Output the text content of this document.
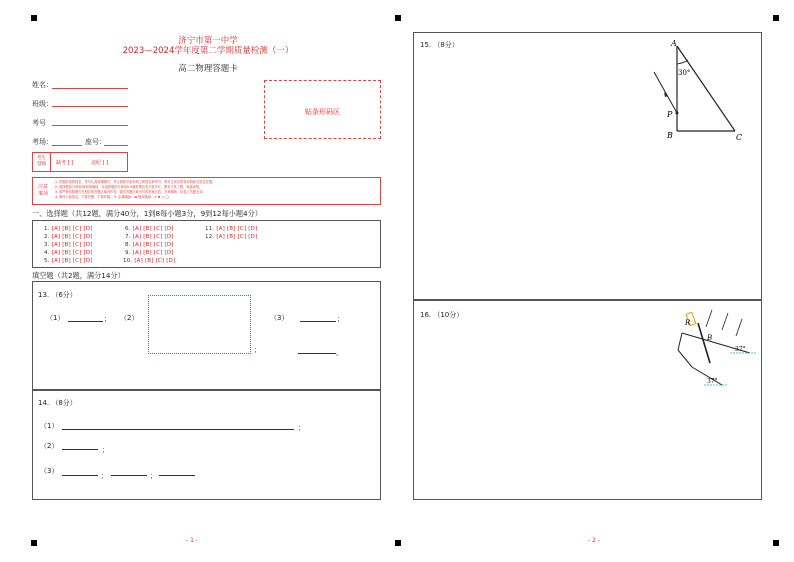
济宁市第一中学
2023—2024学年度第二学期质量检测（一）
高二物理答题卡
姓名：
班级：
考号
考场：	座号：
贴条形码区
考生
禁填	缺考 [ ]	违纪 [ ]
注意
事项
1. 答题前请将姓名、考号认真准确填写，并认真核对条形码上的姓名和考号，核对无误后将条形码贴在指定位置。
2. 选择题部分请用2B铅笔填涂，非选择题部分请用0.5毫米黑色签字笔书写，要求字体工整、笔迹清楚。
3. 请严格按照题号在相应的答题区域内作答，超出答题区域书写的答案无效，在草稿纸、试卷上答题无效。
4. 保持卡面清洁，不要折叠、不要弄破。 5. 正确填涂：▬ 错误填涂：✔ ✖ ○ ◯
一、选择题（共12题，满分40分，1到8每小题3分，9到12每小题4分）
1. [A] [B] [C] [D]
2. [A] [B] [C] [D]
3. [A] [B] [C] [D]
4. [A] [B] [C] [D]
5. [A] [B] [C] [D]
6. [A] [B] [C] [D]
7. [A] [B] [C] [D]
8. [A] [B] [C] [D]
9. [A] [B] [C] [D]
10. [A] [B] [C] [D]
11. [A] [B] [C] [D]
12. [A] [B] [C] [D]
填空题（共2题，满分14分）
13. （6分）
（1）	； （2）
；
（3）	；
。
14. （8分）
（1）	；
（2）	；
（3）
；	；
- 1 -
15. （8分）	A
30°
P
B	C
16. （10分）
R
B
37°
37°
- 2 -
